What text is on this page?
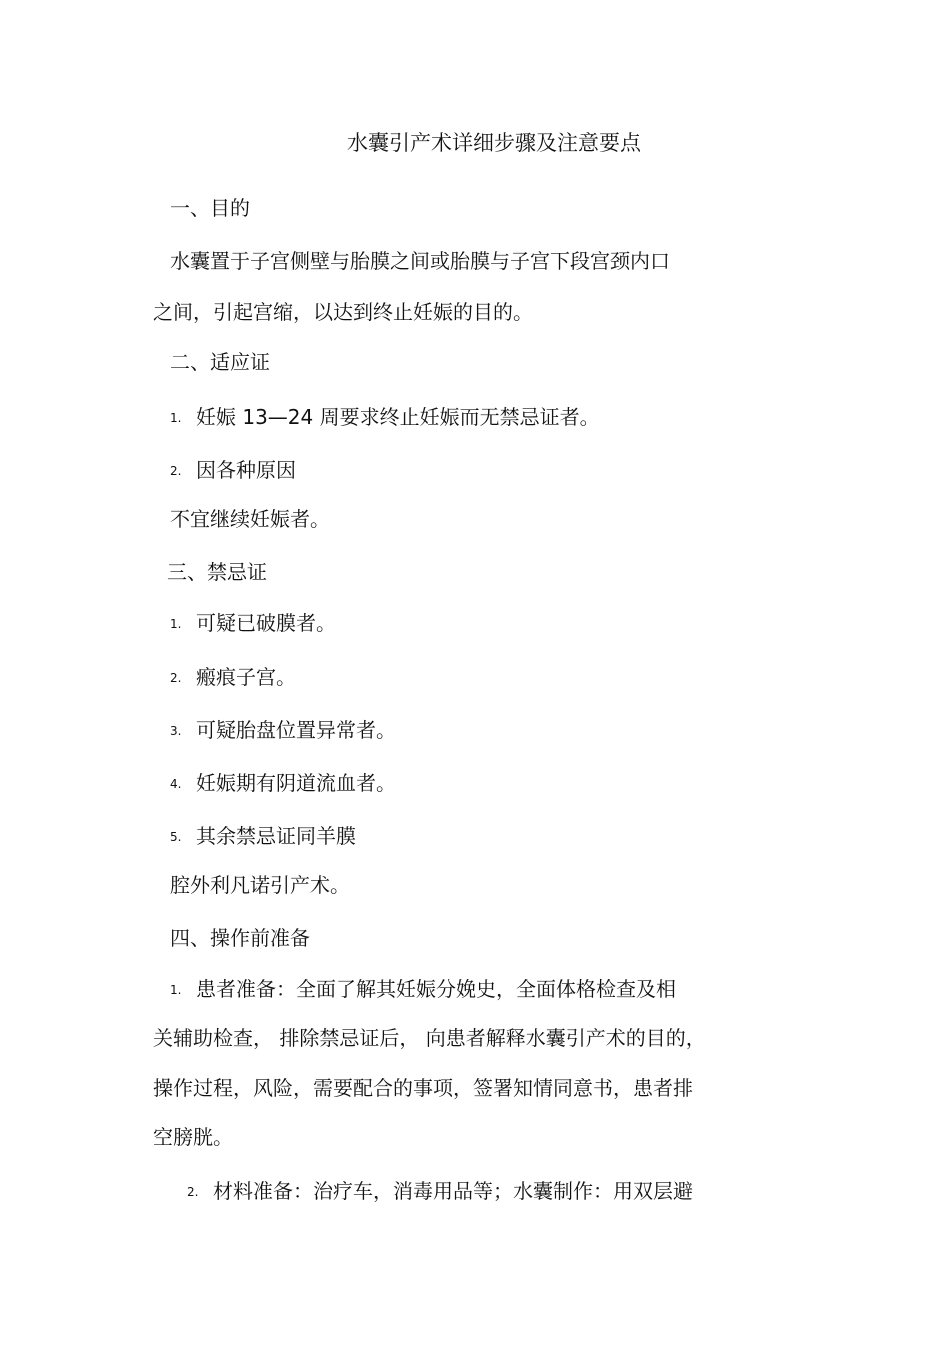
水囊引产术详细步骤及注意要点
一、目的
水囊置于子宫侧壁与胎膜之间或胎膜与子宫下段宫颈内口
之间，引起宫缩，以达到终止妊娠的目的。
二、适应证
1. 妊娠 13—24 周要求终止妊娠而无禁忌证者。
2. 因各种原因
不宜继续妊娠者。
三、禁忌证
1. 可疑已破膜者。
2. 瘢痕子宫。
3. 可疑胎盘位置异常者。
4. 妊娠期有阴道流血者。
5. 其余禁忌证同羊膜
腔外利凡诺引产术。
四、操作前准备
1. 患者准备：全面了解其妊娠分娩史，全面体格检查及相
关辅助检查， 排除禁忌证后， 向患者解释水囊引产术的目的，
操作过程，风险，需要配合的事项，签署知情同意书，患者排
空膀胱。
2. 材料准备：治疗车，消毒用品等；水囊制作：用双层避
